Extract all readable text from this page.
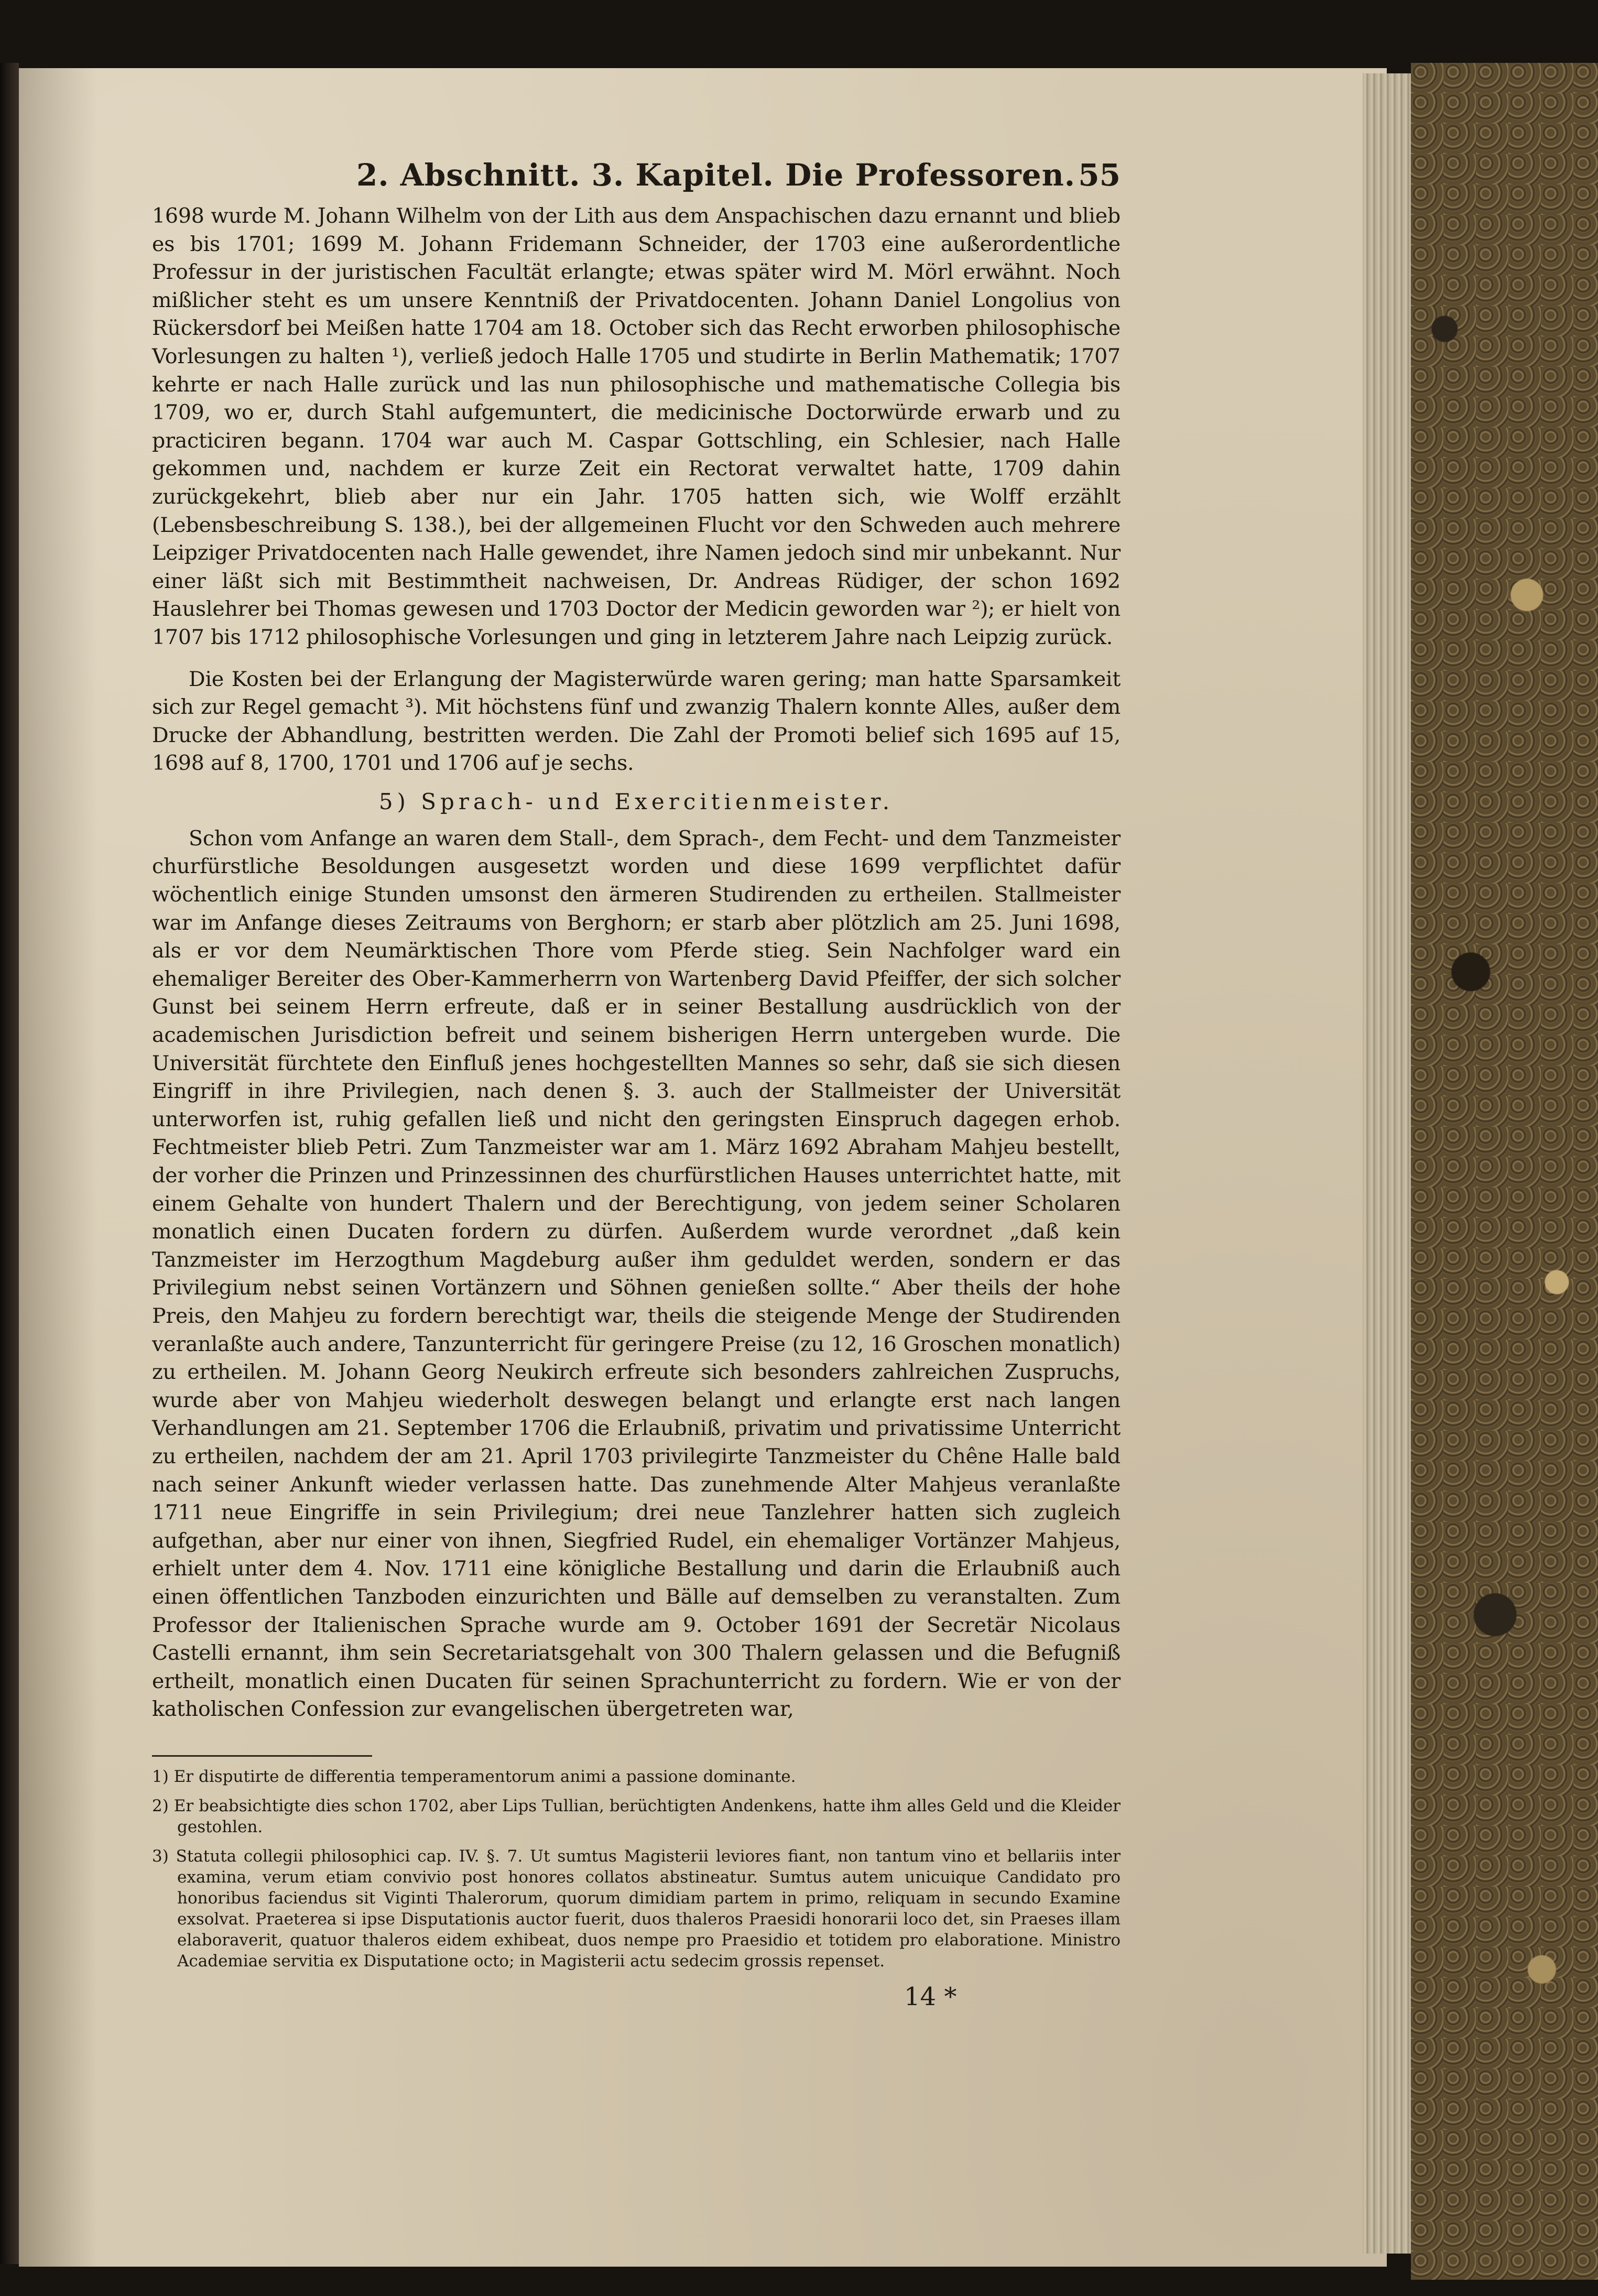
2. Abschnitt. 3. Kapitel. Die Professoren. 55

1698 wurde M. Johann Wilhelm von der Lith aus dem Anspachischen dazu ernannt und blieb es bis 1701; 1699 M. Johann Fridemann Schneider, der 1703 eine außerordentliche Professur in der juristischen Facultät erlangte; etwas später wird M. Mörl erwähnt. Noch mißlicher steht es um unsere Kenntniß der Privatdocenten. Johann Daniel Longolius von Rückersdorf bei Meißen hatte 1704 am 18. October sich das Recht erworben philosophische Vorlesungen zu halten ¹), verließ jedoch Halle 1705 und studirte in Berlin Mathematik; 1707 kehrte er nach Halle zurück und las nun philosophische und mathematische Collegia bis 1709, wo er, durch Stahl aufgemuntert, die medicinische Doctorwürde erwarb und zu practiciren begann. 1704 war auch M. Caspar Gottschling, ein Schlesier, nach Halle gekommen und, nachdem er kurze Zeit ein Rectorat verwaltet hatte, 1709 dahin zurückgekehrt, blieb aber nur ein Jahr. 1705 hatten sich, wie Wolff erzählt (Lebensbeschreibung S. 138.), bei der allgemeinen Flucht vor den Schweden auch mehrere Leipziger Privatdocenten nach Halle gewendet, ihre Namen jedoch sind mir unbekannt. Nur einer läßt sich mit Bestimmtheit nachweisen, Dr. Andreas Rüdiger, der schon 1692 Hauslehrer bei Thomas gewesen und 1703 Doctor der Medicin geworden war ²); er hielt von 1707 bis 1712 philosophische Vorlesungen und ging in letzterem Jahre nach Leipzig zurück.

Die Kosten bei der Erlangung der Magisterwürde waren gering; man hatte Sparsamkeit sich zur Regel gemacht ³). Mit höchstens fünf und zwanzig Thalern konnte Alles, außer dem Drucke der Abhandlung, bestritten werden. Die Zahl der Promoti belief sich 1695 auf 15, 1698 auf 8, 1700, 1701 und 1706 auf je sechs.

5) Sprach- und Exercitienmeister.

Schon vom Anfange an waren dem Stall-, dem Sprach-, dem Fecht- und dem Tanzmeister churfürstliche Besoldungen ausgesetzt worden und diese 1699 verpflichtet dafür wöchentlich einige Stunden umsonst den ärmeren Studirenden zu ertheilen. Stallmeister war im Anfange dieses Zeitraums von Berghorn; er starb aber plötzlich am 25. Juni 1698, als er vor dem Neumärktischen Thore vom Pferde stieg. Sein Nachfolger ward ein ehemaliger Bereiter des Ober-Kammerherrn von Wartenberg David Pfeiffer, der sich solcher Gunst bei seinem Herrn erfreute, daß er in seiner Bestallung ausdrücklich von der academischen Jurisdiction befreit und seinem bisherigen Herrn untergeben wurde. Die Universität fürchtete den Einfluß jenes hochgestellten Mannes so sehr, daß sie sich diesen Eingriff in ihre Privilegien, nach denen §. 3. auch der Stallmeister der Universität unterworfen ist, ruhig gefallen ließ und nicht den geringsten Einspruch dagegen erhob. Fechtmeister blieb Petri. Zum Tanzmeister war am 1. März 1692 Abraham Mahjeu bestellt, der vorher die Prinzen und Prinzessinnen des churfürstlichen Hauses unterrichtet hatte, mit einem Gehalte von hundert Thalern und der Berechtigung, von jedem seiner Scholaren monatlich einen Ducaten fordern zu dürfen. Außerdem wurde verordnet „daß kein Tanzmeister im Herzogthum Magdeburg außer ihm geduldet werden, sondern er das Privilegium nebst seinen Vortänzern und Söhnen genießen sollte.“ Aber theils der hohe Preis, den Mahjeu zu fordern berechtigt war, theils die steigende Menge der Studirenden veranlaßte auch andere, Tanzunterricht für geringere Preise (zu 12, 16 Groschen monatlich) zu ertheilen. M. Johann Georg Neukirch erfreute sich besonders zahlreichen Zuspruchs, wurde aber von Mahjeu wiederholt deswegen belangt und erlangte erst nach langen Verhandlungen am 21. September 1706 die Erlaubniß, privatim und privatissime Unterricht zu ertheilen, nachdem der am 21. April 1703 privilegirte Tanzmeister du Chêne Halle bald nach seiner Ankunft wieder verlassen hatte. Das zunehmende Alter Mahjeus veranlaßte 1711 neue Eingriffe in sein Privilegium; drei neue Tanzlehrer hatten sich zugleich aufgethan, aber nur einer von ihnen, Siegfried Rudel, ein ehemaliger Vortänzer Mahjeus, erhielt unter dem 4. Nov. 1711 eine königliche Bestallung und darin die Erlaubniß auch einen öffentlichen Tanzboden einzurichten und Bälle auf demselben zu veranstalten. Zum Professor der Italienischen Sprache wurde am 9. October 1691 der Secretär Nicolaus Castelli ernannt, ihm sein Secretariatsgehalt von 300 Thalern gelassen und die Befugniß ertheilt, monatlich einen Ducaten für seinen Sprachunterricht zu fordern. Wie er von der katholischen Confession zur evangelischen übergetreten war,

1) Er disputirte de differentia temperamentorum animi a passione dominante.
2) Er beabsichtigte dies schon 1702, aber Lips Tullian, berüchtigten Andenkens, hatte ihm alles Geld und die Kleider gestohlen.
3) Statuta collegii philosophici cap. IV. §. 7. Ut sumtus Magisterii leviores fiant, non tantum vino et bellariis inter examina, verum etiam convivio post honores collatos abstineatur. Sumtus autem unicuique Candidato pro honoribus faciendus sit Viginti Thalerorum, quorum dimidiam partem in primo, reliquam in secundo Examine exsolvat. Praeterea si ipse Disputationis auctor fuerit, duos thaleros Praesidi honorarii loco det, sin Praeses illam elaboraverit, quatuor thaleros eidem exhibeat, duos nempe pro Praesidio et totidem pro elaboratione. Ministro Academiae servitia ex Disputatione octo; in Magisterii actu sedecim grossis repenset.
14 *
